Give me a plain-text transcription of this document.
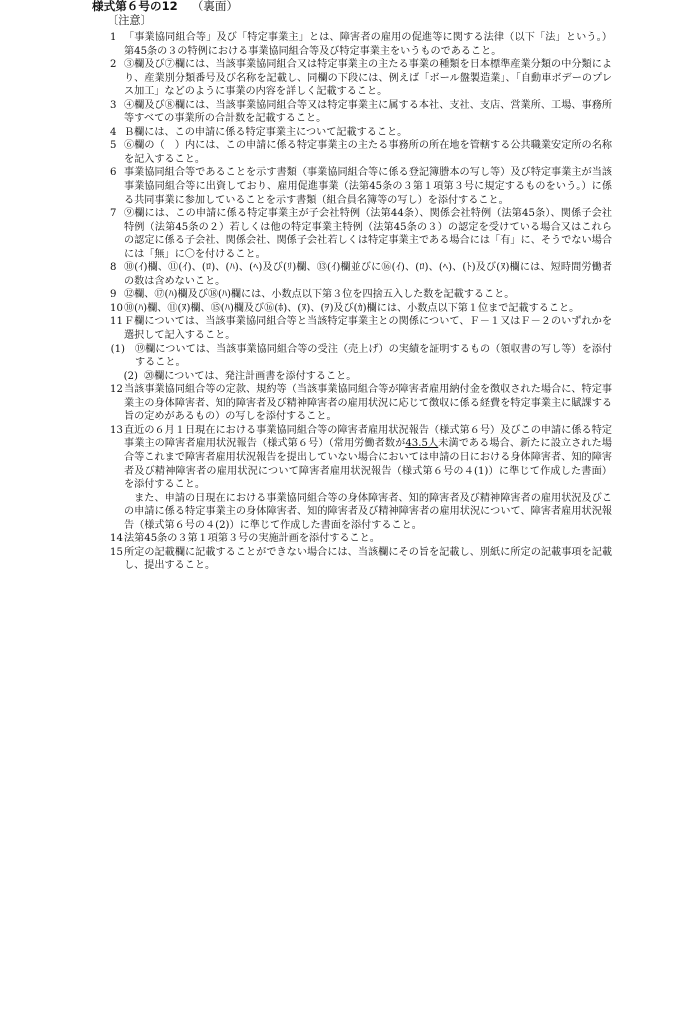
様式第６号の12 （裏面）
〔注意〕
1 「事業協同組合等」及び「特定事業主」とは、障害者の雇用の促進等に関する法律（以下「法」という。）第45条の３の特例における事業協同組合等及び特定事業主をいうものであること。
2 ③欄及び⑦欄には、当該事業協同組合又は特定事業主の主たる事業の種類を日本標準産業分類の中分類により、産業別分類番号及び名称を記載し、同欄の下段には、例えば「ボール盤製造業」、「自動車ボデーのプレス加工」などのように事業の内容を詳しく記載すること。
3 ④欄及び⑧欄には、当該事業協同組合等又は特定事業主に属する本社、支社、支店、営業所、工場、事務所等すべての事業所の合計数を記載すること。
4 Ｂ欄には、この申請に係る特定事業主について記載すること。
5 ⑥欄の（　）内には、この申請に係る特定事業主の主たる事務所の所在地を管轄する公共職業安定所の名称を記入すること。
6 事業協同組合等であることを示す書類（事業協同組合等に係る登記簿謄本の写し等）及び特定事業主が当該事業協同組合等に出資しており、雇用促進事業（法第45条の３第１項第３号に規定するものをいう。）に係る共同事業に参加していることを示す書類（組合員名簿等の写し）を添付すること。
7 ⑨欄には、この申請に係る特定事業主が子会社特例（法第44条）、関係会社特例（法第45条）、関係子会社特例（法第45条の２）若しくは他の特定事業主特例（法第45条の３）の認定を受けている場合又はこれらの認定に係る子会社、関係会社、関係子会社若しくは特定事業主である場合には「有」に、そうでない場合には「無」に〇を付けること。
8 ⑩(ｲ)欄、⑪(ｲ)、(ﾛ)、(ﾊ)、(ﾍ)及び(ﾘ)欄、⑬(ｲ)欄並びに⑯(ｲ)、(ﾛ)、(ﾍ)、(ﾄ)及び(ﾇ)欄には、短時間労働者の数は含めないこと。
9 ⑫欄、⑰(ﾊ)欄及び⑱(ﾊ)欄には、小数点以下第３位を四捨五入した数を記載すること。
10 ⑩(ﾊ)欄、⑪(ﾇ)欄、⑮(ﾊ)欄及び⑯(ﾎ)、(ﾇ)、(ｦ)及び(ｶ)欄には、小数点以下第１位まで記載すること。
11 Ｆ欄については、当該事業協同組合等と当該特定事業主との関係について、Ｆ－１又はＦ－２のいずれかを選択して記入すること。
(1) ⑲欄については、当該事業協同組合等の受注（売上げ）の実績を証明するもの（領収書の写し等）を添付すること。
(2) ⑳欄については、発注計画書を添付すること。
12 当該事業協同組合等の定款、規約等（当該事業協同組合等が障害者雇用納付金を徴収された場合に、特定事業主の身体障害者、知的障害者及び精神障害者の雇用状況に応じて徴収に係る経費を特定事業主に賦課する旨の定めがあるもの）の写しを添付すること。
13 直近の６月１日現在における事業協同組合等の障害者雇用状況報告（様式第６号）及びこの申請に係る特定事業主の障害者雇用状況報告（様式第６号）（常用労働者数が43.5人未満である場合、新たに設立された場合等これまで障害者雇用状況報告を提出していない場合においては申請の日における身体障害者、知的障害者及び精神障害者の雇用状況について障害者雇用状況報告（様式第６号の４(1)）に準じて作成した書面）を添付すること。
また、申請の日現在における事業協同組合等の身体障害者、知的障害者及び精神障害者の雇用状況及びこの申請に係る特定事業主の身体障害者、知的障害者及び精神障害者の雇用状況について、障害者雇用状況報告（様式第６号の４(2)）に準じて作成した書面を添付すること。
14 法第45条の３第１項第３号の実施計画を添付すること。
15 所定の記載欄に記載することができない場合には、当該欄にその旨を記載し、別紙に所定の記載事項を記載し、提出すること。
